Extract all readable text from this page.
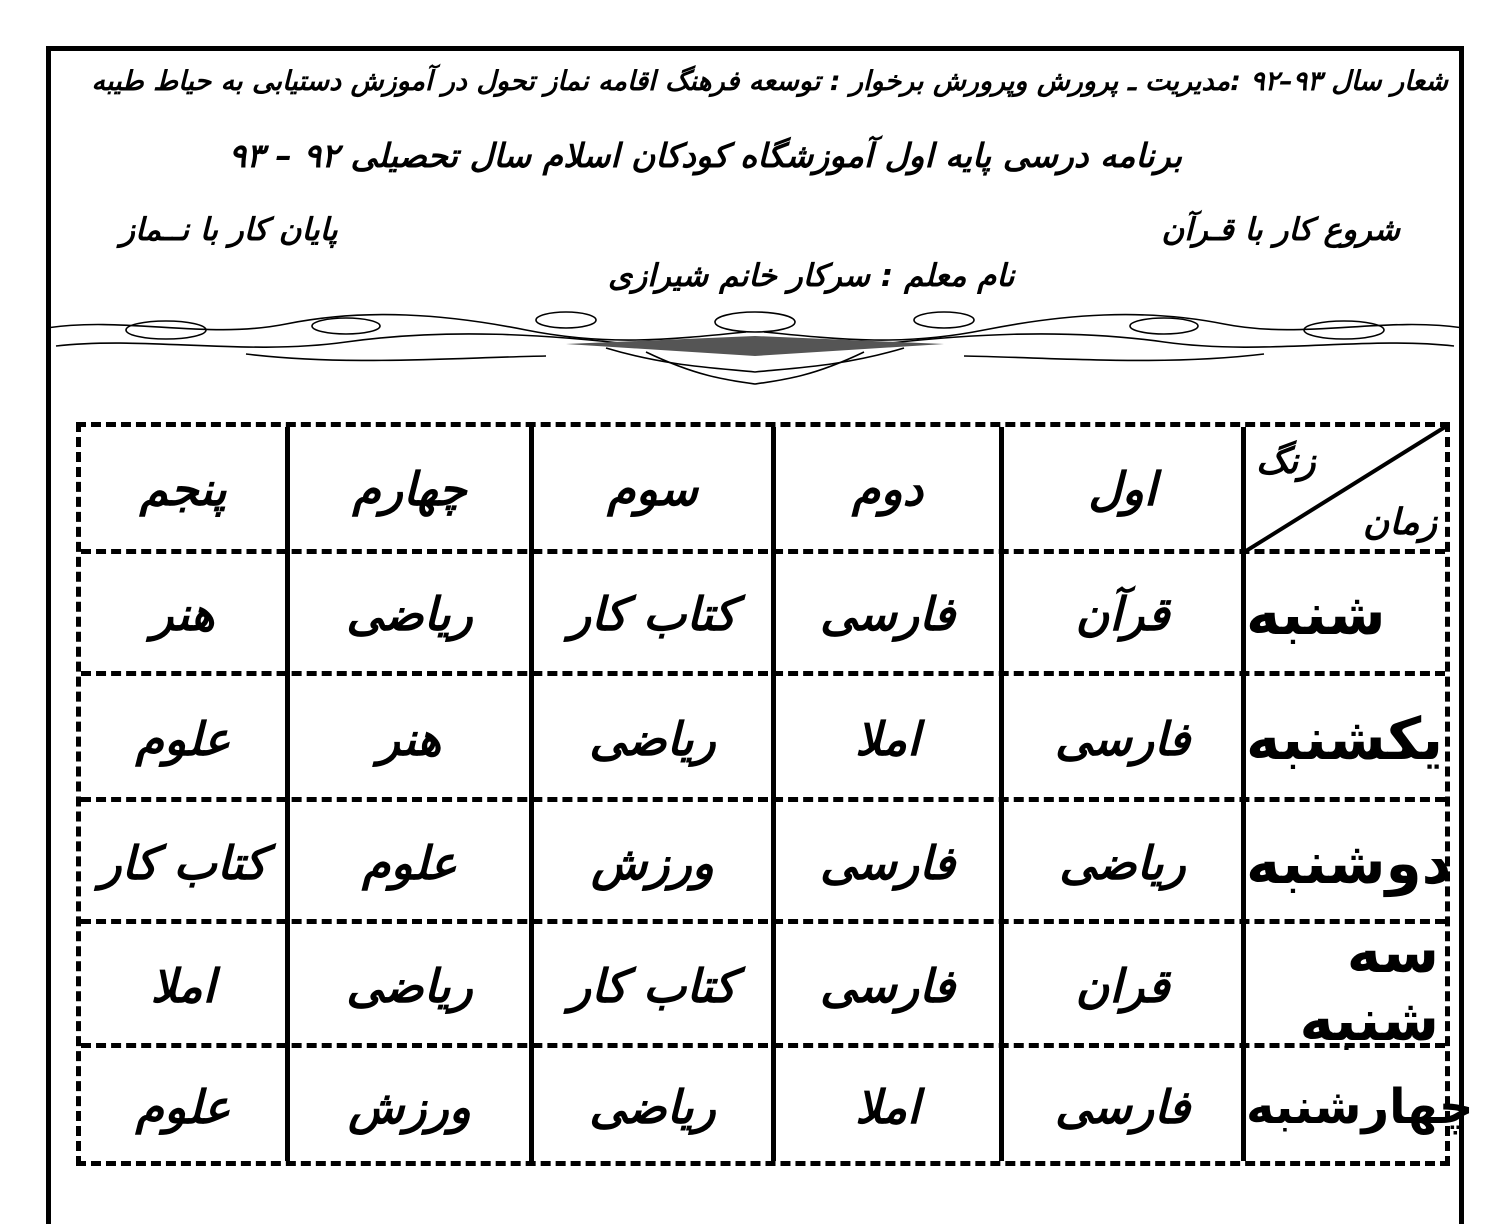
شعار سال ۹۳–۹۲ :مدیریت ـ پرورش وپرورش برخوار : توسعه فرهنگ اقامه نماز تحول در آموزش دستیابی به حیاط طیبه
برنامه درسی پایه اول آموزشگاه کودکان اسلام سال تحصیلی ۹۲ – ۹۳
شروع کار با قـرآن
پایان کار با نــماز
نام معلم : سرکار خانم شیرازی
زنگ
زمان
اول
دوم
سوم
چهارم
پنجم
شنبه
قرآن
فارسی
کتاب کار
ریاضی
هنر
یکشنبه
فارسی
املا
ریاضی
هنر
علوم
دوشنبه
ریاضی
فارسی
ورزش
علوم
کتاب کار
سه شنبه
قران
فارسی
کتاب کار
ریاضی
املا
چهارشنبه
فارسی
املا
ریاضی
ورزش
علوم
